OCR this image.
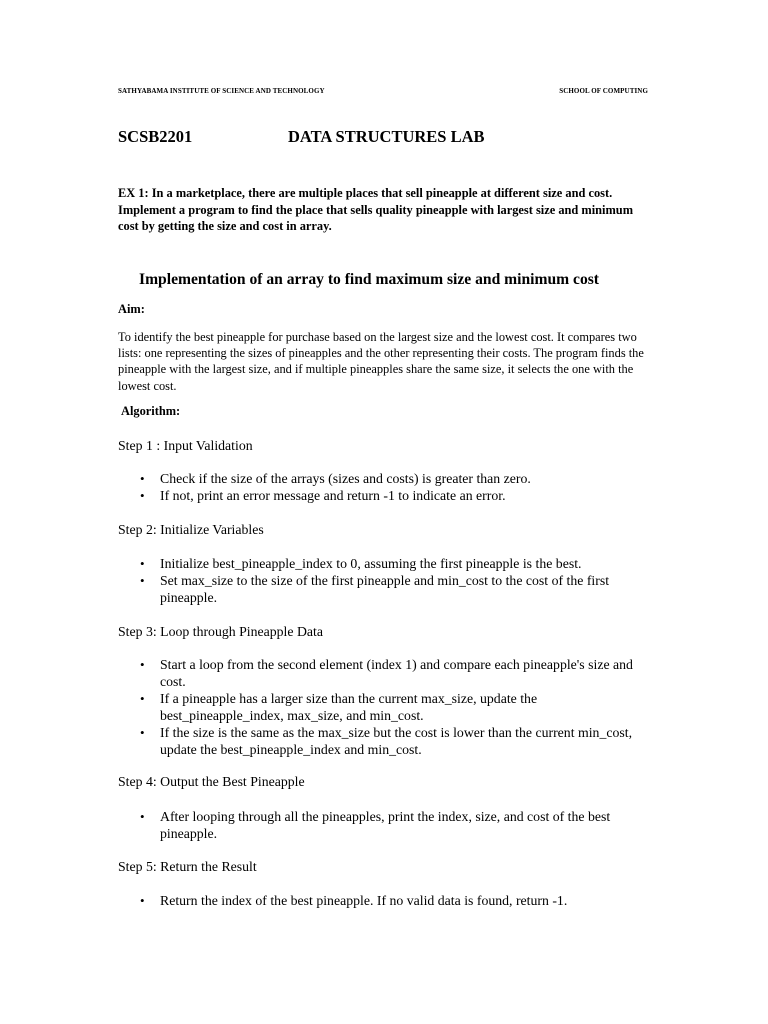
SATHYABAMA INSTITUTE OF SCIENCE AND TECHNOLOGY	SCHOOL OF COMPUTING
SCSB2201	DATA STRUCTURES LAB
EX 1: In a marketplace, there are multiple places that sell pineapple at different size and cost. Implement a program to find the place that sells quality pineapple with largest size and minimum cost by getting the size and cost in array.
Implementation of an array to find maximum size and minimum cost
Aim:
To identify the best pineapple for purchase based on the largest size and the lowest cost. It compares two lists: one representing the sizes of pineapples and the other representing their costs. The program finds the pineapple with the largest size, and if multiple pineapples share the same size, it selects the one with the lowest cost.
Algorithm:
Step 1 : Input Validation
• Check if the size of the arrays (sizes and costs) is greater than zero.
• If not, print an error message and return -1 to indicate an error.
Step 2: Initialize Variables
• Initialize best_pineapple_index to 0, assuming the first pineapple is the best.
• Set max_size to the size of the first pineapple and min_cost to the cost of the first pineapple.
Step 3: Loop through Pineapple Data
• Start a loop from the second element (index 1) and compare each pineapple's size and cost.
• If a pineapple has a larger size than the current max_size, update the best_pineapple_index, max_size, and min_cost.
• If the size is the same as the max_size but the cost is lower than the current min_cost, update the best_pineapple_index and min_cost.
Step 4: Output the Best Pineapple
• After looping through all the pineapples, print the index, size, and cost of the best pineapple.
Step 5: Return the Result
• Return the index of the best pineapple. If no valid data is found, return -1.
